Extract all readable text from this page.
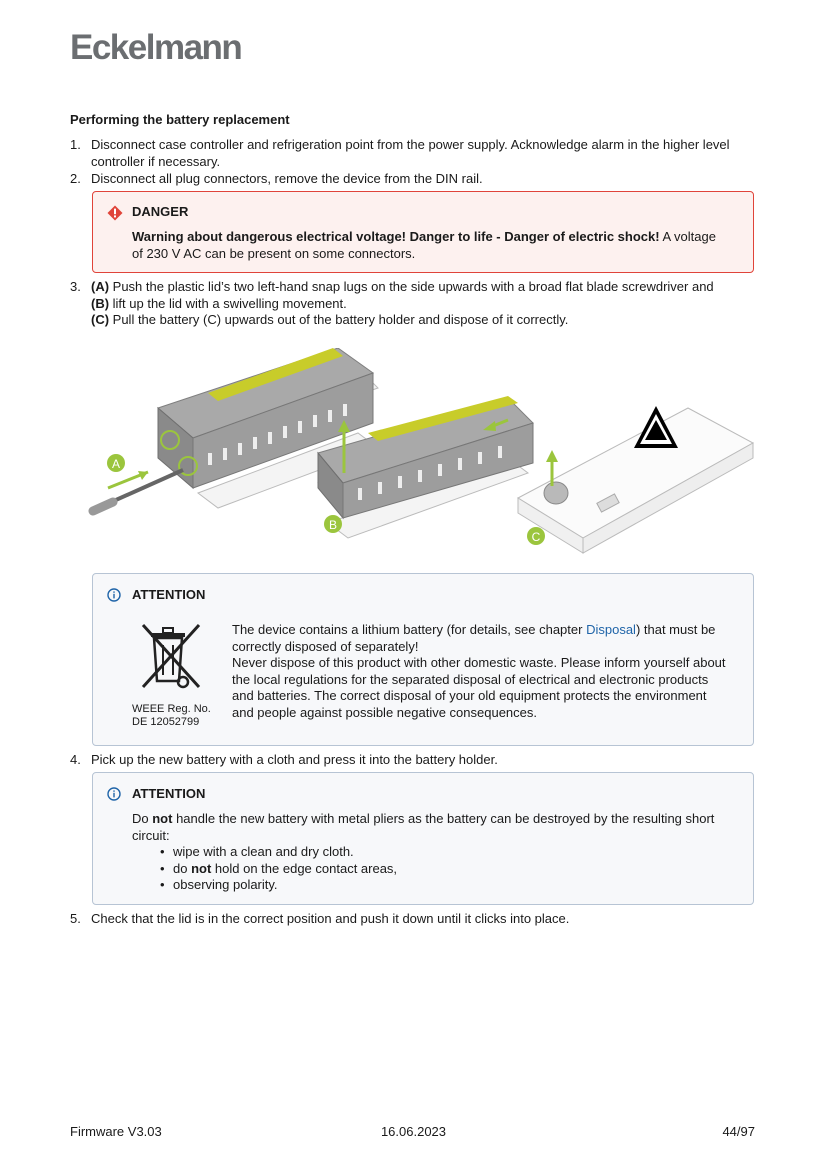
Eckelmann
Performing the battery replacement
1. Disconnect case controller and refrigeration point from the power supply. Acknowledge alarm in the higher level controller if necessary.
2. Disconnect all plug connectors, remove the device from the DIN rail.
DANGER
Warning about dangerous electrical voltage! Danger to life - Danger of electric shock! A voltage of 230 V AC can be present on some connectors.
3. (A) Push the plastic lid’s two left-hand snap lugs on the side upwards with a broad flat blade screwdriver and
(B) lift up the lid with a swivelling movement.
(C) Pull the battery (C) upwards out of the battery holder and dispose of it correctly.
A
B
C
ATTENTION
WEEE Reg. No.
DE 12052799
The device contains a lithium battery (for details, see chapter Disposal) that must be correctly disposed of separately!
Never dispose of this product with other domestic waste. Please inform yourself about the local regulations for the separated disposal of electrical and electronic products and batteries. The correct disposal of your old equipment protects the environment and people against possible negative consequences.
4. Pick up the new battery with a cloth and press it into the battery holder.
ATTENTION
Do not handle the new battery with metal pliers as the battery can be destroyed by the resulting short circuit:
• wipe with a clean and dry cloth.
• do not hold on the edge contact areas,
• observing polarity.
5. Check that the lid is in the correct position and push it down until it clicks into place.
Firmware V3.03	16.06.2023	44/97
